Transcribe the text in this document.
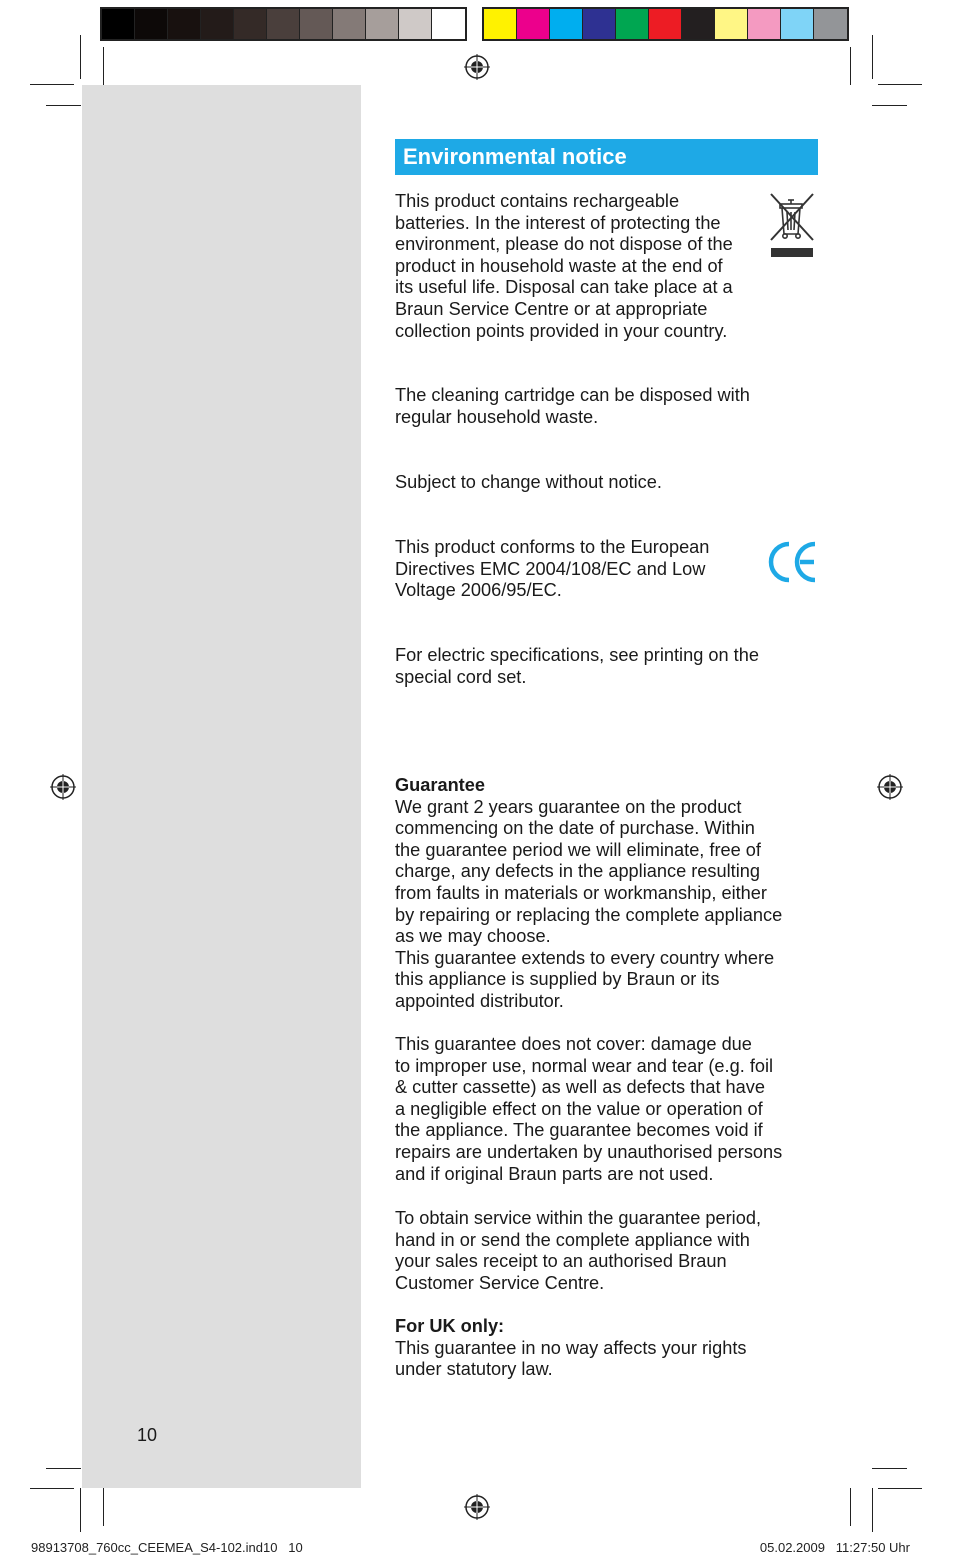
Environmental notice

This product contains rechargeable
batteries. In the interest of protecting the
environment, please do not dispose of the
product in household waste at the end of
its useful life. Disposal can take place at a
Braun Service Centre or at appropriate
collection points provided in your country.

The cleaning cartridge can be disposed with
regular household waste.

Subject to change without notice.

This product conforms to the European
Directives EMC 2004/108/EC and Low
Voltage 2006/95/EC.

For electric specifications, see printing on the
special cord set.

Guarantee
We grant 2 years guarantee on the product
commencing on the date of purchase. Within
the guarantee period we will eliminate, free of
charge, any defects in the appliance resulting
from faults in materials or workmanship, either
by repairing or replacing the complete appliance
as we may choose.
This guarantee extends to every country where
this appliance is supplied by Braun or its
appointed distributor.

This guarantee does not cover: damage due
to improper use, normal wear and tear (e.g. foil
& cutter cassette) as well as defects that have
a negligible effect on the value or operation of
the appliance. The guarantee becomes void if
repairs are undertaken by unauthorised persons
and if original Braun parts are not used.

To obtain service within the guarantee period,
hand in or send the complete appliance with
your sales receipt to an authorised Braun
Customer Service Centre.

For UK only:
This guarantee in no way affects your rights
under statutory law.

10
98913708_760cc_CEEMEA_S4-102.ind10   10	05.02.2009   11:27:50 Uhr
